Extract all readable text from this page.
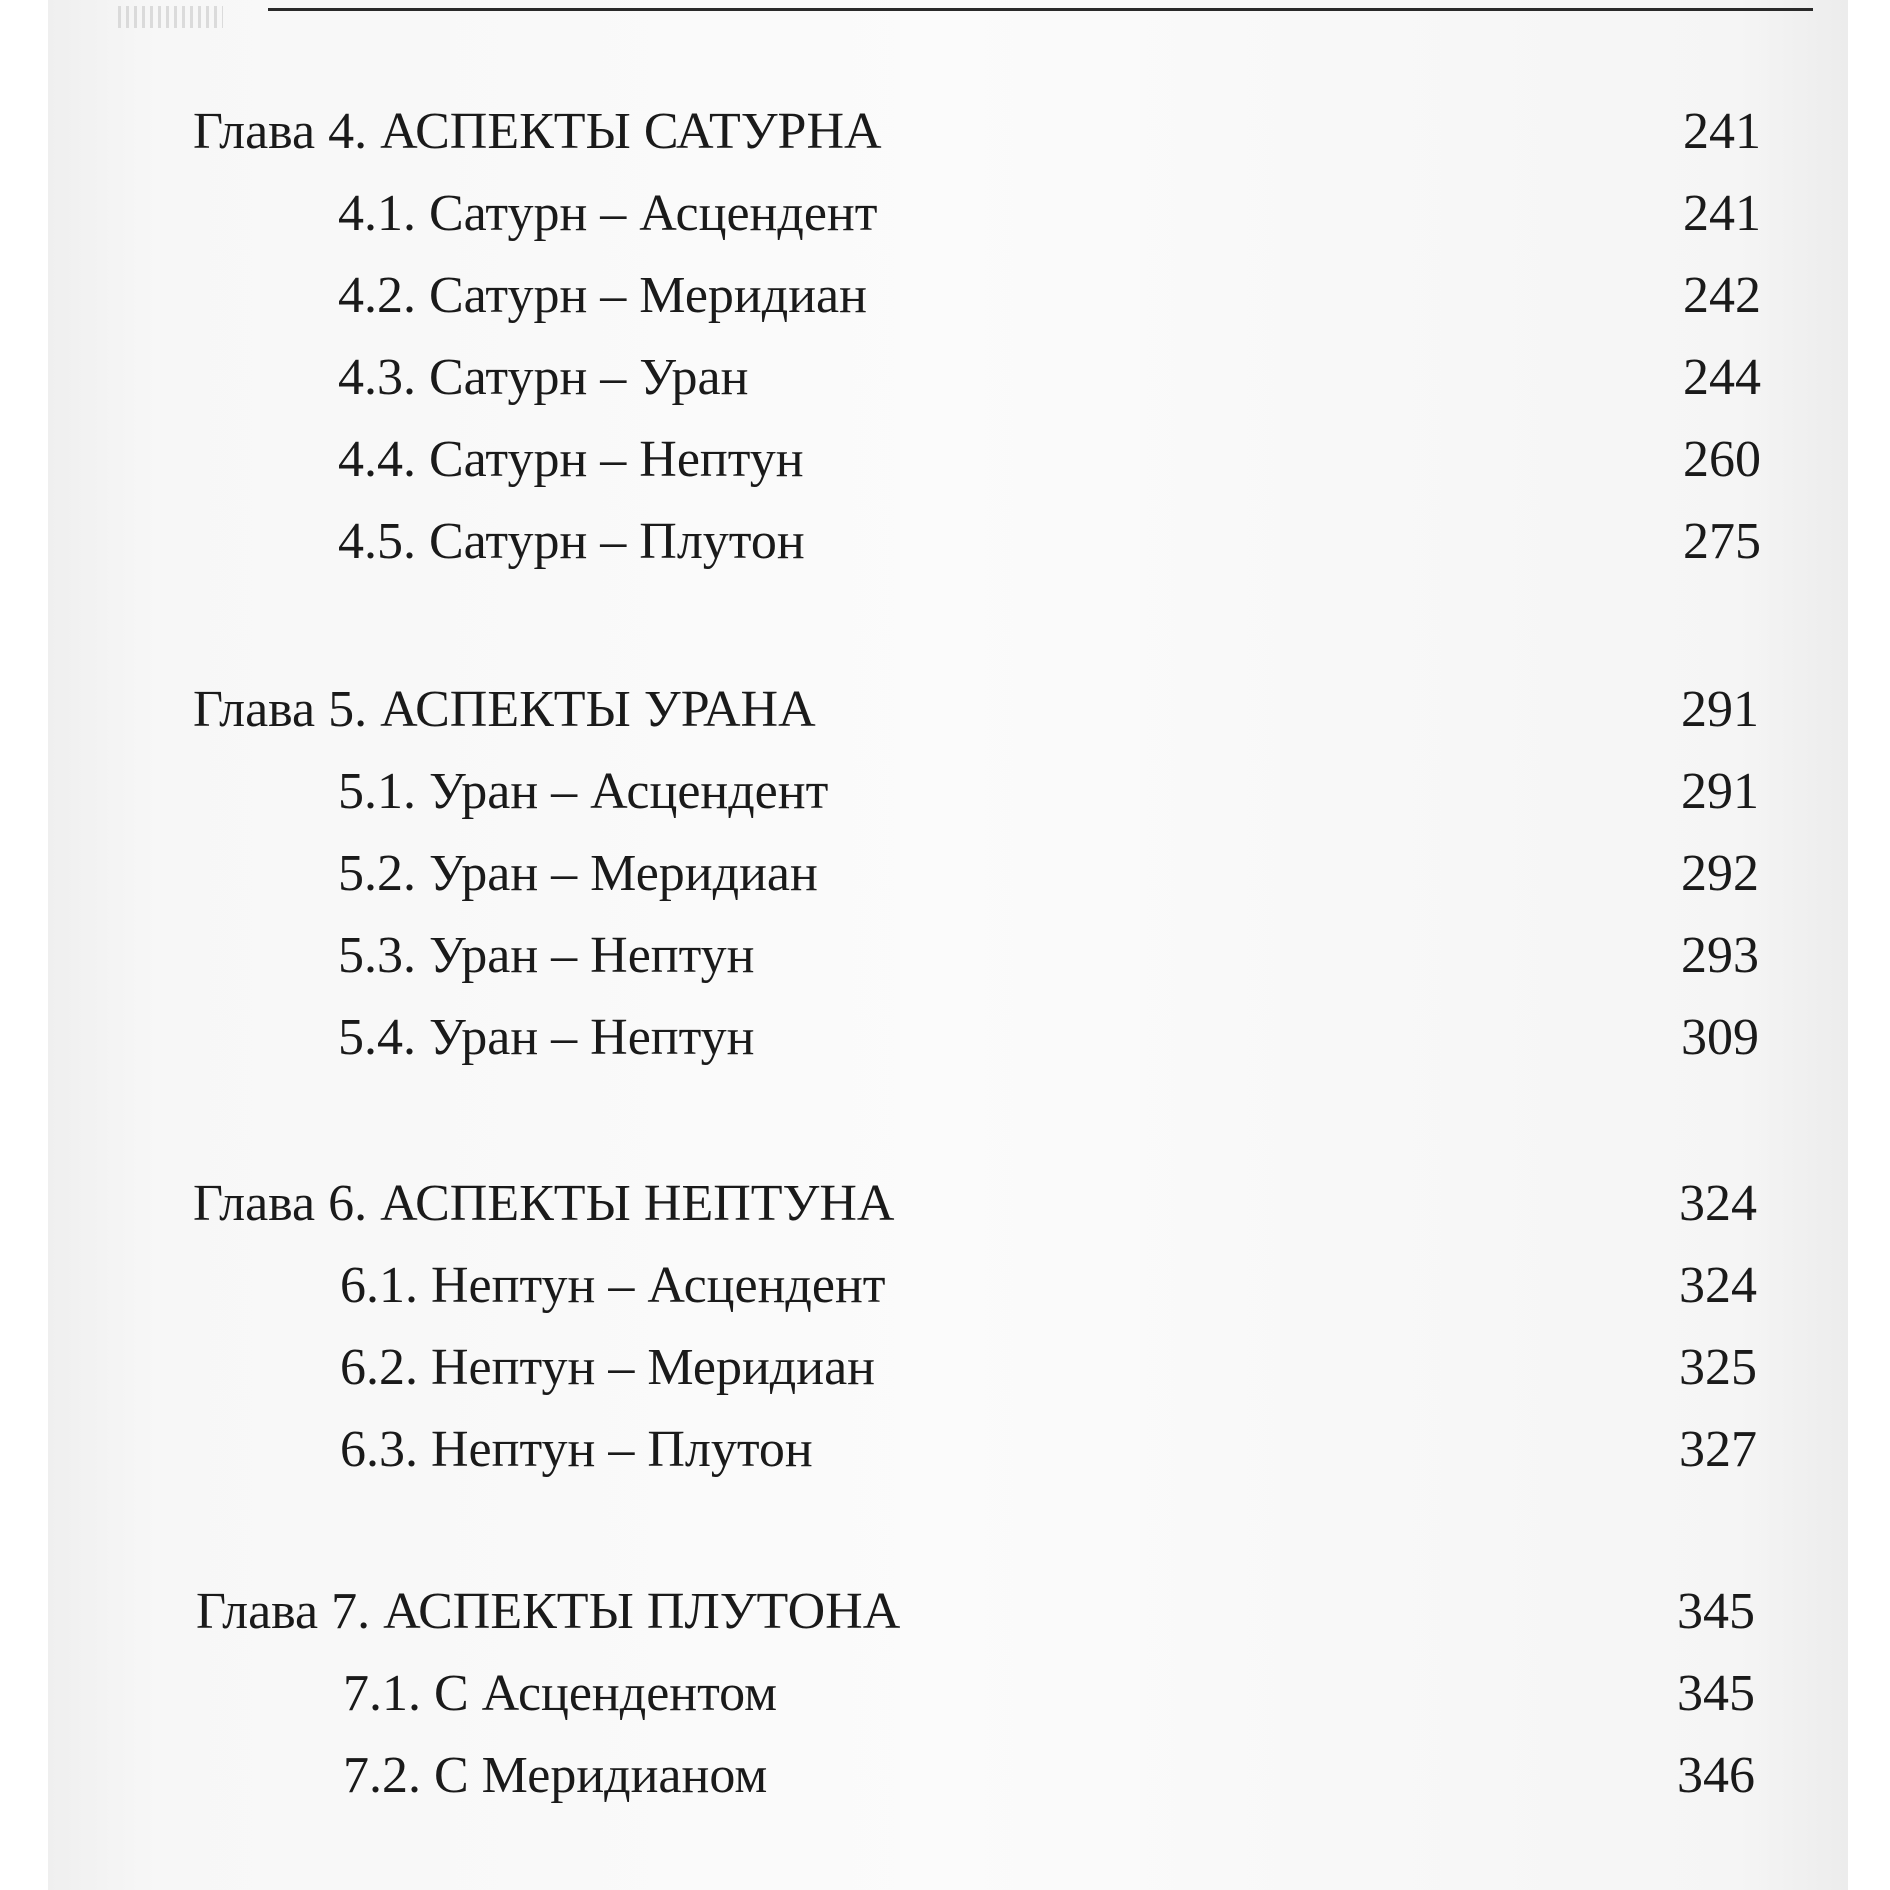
Глава 4. АСПЕКТЫ САТУРНА	241
4.1. Сатурн – Асцендент	241
4.2. Сатурн – Меридиан	242
4.3. Сатурн – Уран	244
4.4. Сатурн – Нептун	260
4.5. Сатурн – Плутон	275
Глава 5. АСПЕКТЫ УРАНА	291
5.1. Уран – Асцендент	291
5.2. Уран – Меридиан	292
5.3. Уран – Нептун	293
5.4. Уран – Нептун	309
Глава 6. АСПЕКТЫ НЕПТУНА	324
6.1. Нептун – Асцендент	324
6.2. Нептун – Меридиан	325
6.3. Нептун – Плутон	327
Глава 7. АСПЕКТЫ ПЛУТОНА	345
7.1. С Асцендентом	345
7.2. С Меридианом	346
